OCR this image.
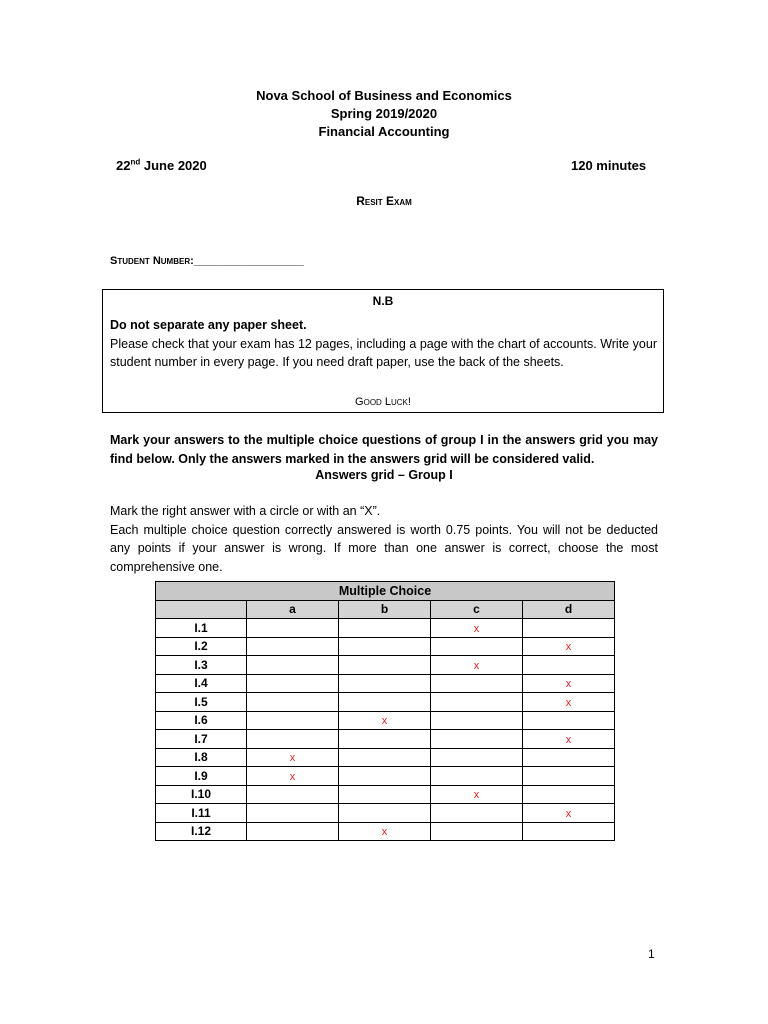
Nova School of Business and Economics
Spring 2019/2020
Financial Accounting
22nd June 2020	120 minutes
Resit Exam
Student Number:__________________
N.B
Do not separate any paper sheet.
Please check that your exam has 12 pages, including a page with the chart of accounts. Write your student number in every page. If you need draft paper, use the back of the sheets.
Good Luck!
Mark your answers to the multiple choice questions of group I in the answers grid you may find below. Only the answers marked in the answers grid will be considered valid.
Answers grid – Group I
Mark the right answer with a circle or with an “X”.
Each multiple choice question correctly answered is worth 0.75 points. You will not be deducted any points if your answer is wrong. If more than one answer is correct, choose the most comprehensive one.
Multiple Choice				
	a	b	c	d
I.1			x	
I.2				x
I.3			x	
I.4				x
I.5				x
I.6		x		
I.7				x
I.8	x			
I.9	x			
I.10			x	
I.11				x
I.12		x		
1
